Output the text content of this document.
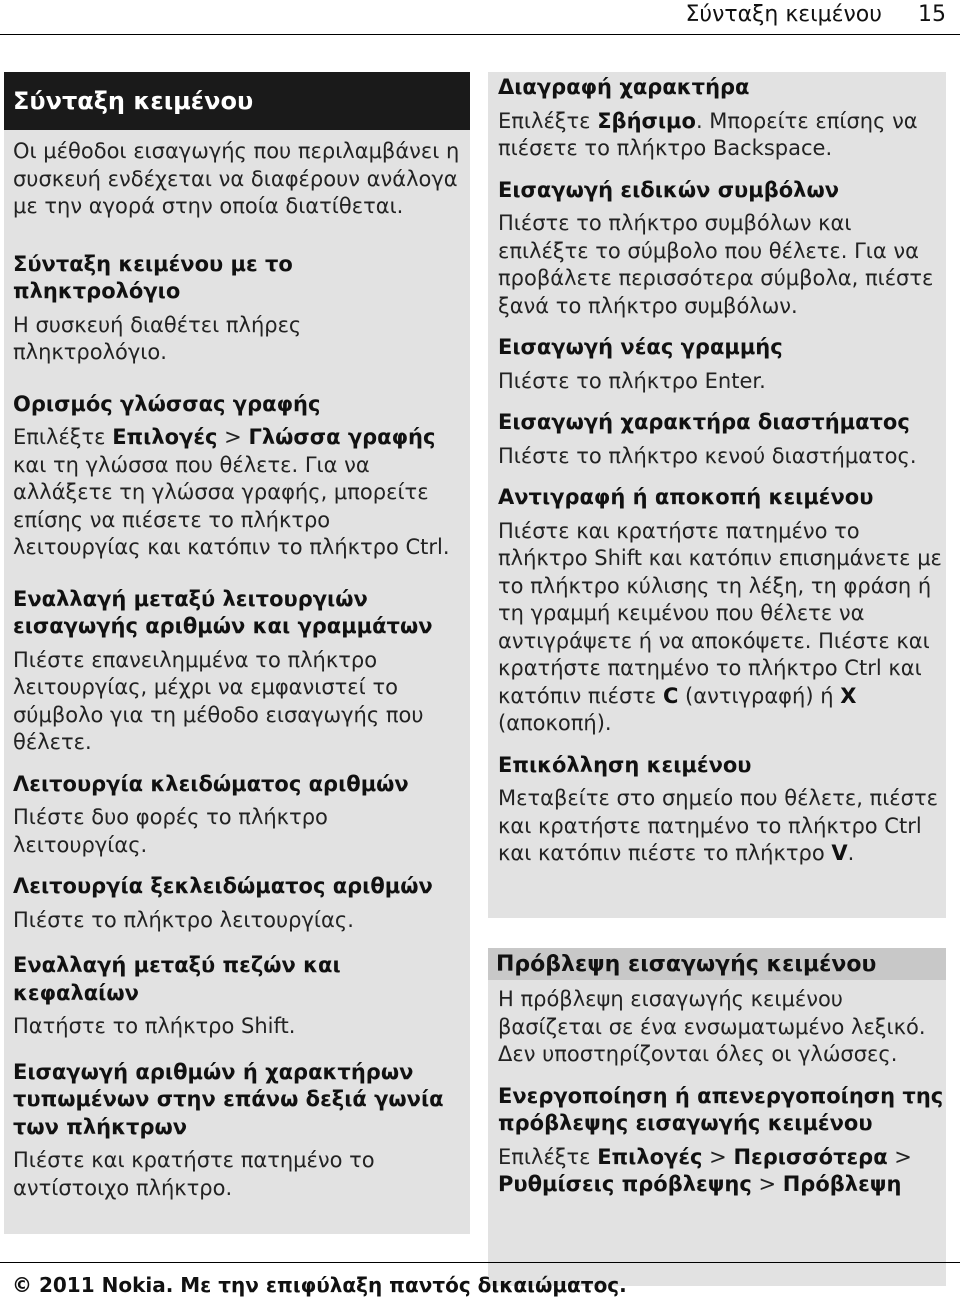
Σύνταξη κειμένου 15
Σύνταξη κειμένου

Οι μέθοδοι εισαγωγής που περιλαμβάνει η συσκευή ενδέχεται να διαφέρουν ανάλογα με την αγορά στην οποία διατίθεται.

Σύνταξη κειμένου με το πληκτρολόγιο

Η συσκευή διαθέτει πλήρες πληκτρολόγιο.

Ορισμός γλώσσας γραφής

Επιλέξτε Επιλογές > Γλώσσα γραφής και τη γλώσσα που θέλετε. Για να αλλάξετε τη γλώσσα γραφής, μπορείτε επίσης να πιέσετε το πλήκτρο λειτουργίας και κατόπιν το πλήκτρο Ctrl.

Εναλλαγή μεταξύ λειτουργιών εισαγωγής αριθμών και γραμμάτων

Πιέστε επανειλημμένα το πλήκτρο λειτουργίας, μέχρι να εμφανιστεί το σύμβολο για τη μέθοδο εισαγωγής που θέλετε.

Λειτουργία κλειδώματος αριθμών

Πιέστε δυο φορές το πλήκτρο λειτουργίας.

Λειτουργία ξεκλειδώματος αριθμών

Πιέστε το πλήκτρο λειτουργίας.

Εναλλαγή μεταξύ πεζών και κεφαλαίων

Πατήστε το πλήκτρο Shift.

Εισαγωγή αριθμών ή χαρακτήρων τυπωμένων στην επάνω δεξιά γωνία των πλήκτρων

Πιέστε και κρατήστε πατημένο το αντίστοιχο πλήκτρο.

Διαγραφή χαρακτήρα

Επιλέξτε Σβήσιμο. Μπορείτε επίσης να πιέσετε το πλήκτρο Backspace.

Εισαγωγή ειδικών συμβόλων

Πιέστε το πλήκτρο συμβόλων και επιλέξτε το σύμβολο που θέλετε. Για να προβάλετε περισσότερα σύμβολα, πιέστε ξανά το πλήκτρο συμβόλων.

Εισαγωγή νέας γραμμής

Πιέστε το πλήκτρο Enter.

Εισαγωγή χαρακτήρα διαστήματος

Πιέστε το πλήκτρο κενού διαστήματος.

Αντιγραφή ή αποκοπή κειμένου

Πιέστε και κρατήστε πατημένο το πλήκτρο Shift και κατόπιν επισημάνετε με το πλήκτρο κύλισης τη λέξη, τη φράση ή τη γραμμή κειμένου που θέλετε να αντιγράψετε ή να αποκόψετε. Πιέστε και κρατήστε πατημένο το πλήκτρο Ctrl και κατόπιν πιέστε C (αντιγραφή) ή X (αποκοπή).

Επικόλληση κειμένου

Μεταβείτε στο σημείο που θέλετε, πιέστε και κρατήστε πατημένο το πλήκτρο Ctrl και κατόπιν πιέστε το πλήκτρο V.

Πρόβλεψη εισαγωγής κειμένου

Η πρόβλεψη εισαγωγής κειμένου βασίζεται σε ένα ενσωματωμένο λεξικό. Δεν υποστηρίζονται όλες οι γλώσσες.

Ενεργοποίηση ή απενεργοποίηση της πρόβλεψης εισαγωγής κειμένου

Επιλέξτε Επιλογές > Περισσότερα > Ρυθμίσεις πρόβλεψης > Πρόβλεψη

© 2011 Nokia. Με την επιφύλαξη παντός δικαιώματος.
